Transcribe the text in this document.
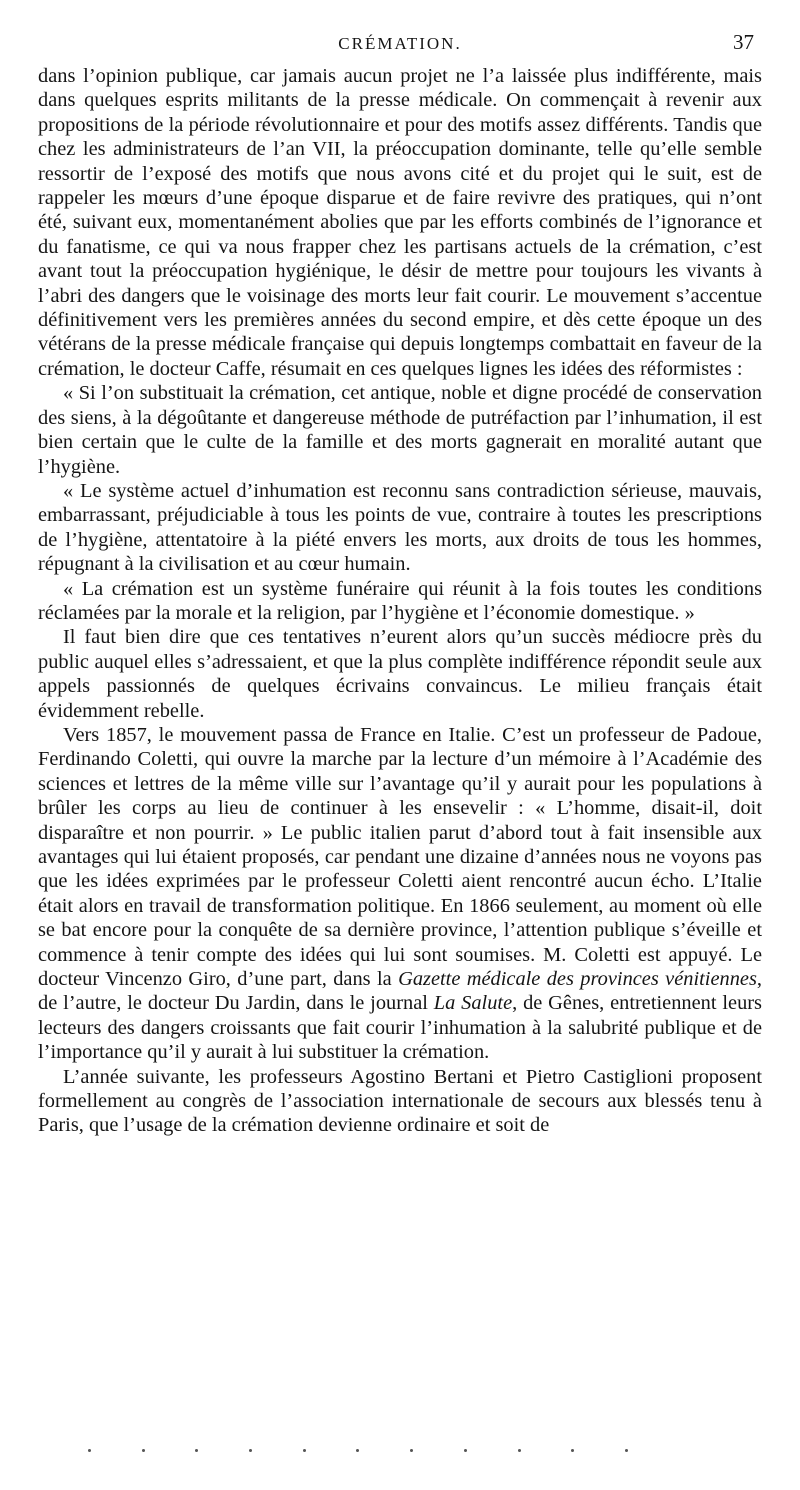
CRÉMATION.	37

dans l’opinion publique, car jamais aucun projet ne l’a laissée plus indifférente, mais dans quelques esprits militants de la presse médicale. On commençait à revenir aux propositions de la période révolutionnaire et pour des motifs assez différents. Tandis que chez les administrateurs de l’an VII, la préoccupation dominante, telle qu’elle semble ressortir de l’exposé des motifs que nous avons cité et du projet qui le suit, est de rappeler les mœurs d’une époque disparue et de faire revivre des pratiques, qui n’ont été, suivant eux, momentanément abolies que par les efforts combinés de l’ignorance et du fanatisme, ce qui va nous frapper chez les partisans actuels de la crémation, c’est avant tout la préoccupation hygiénique, le désir de mettre pour toujours les vivants à l’abri des dangers que le voisinage des morts leur fait courir. Le mouvement s’accentue définitivement vers les premières années du second empire, et dès cette époque un des vétérans de la presse médicale française qui depuis longtemps combattait en faveur de la crémation, le docteur Caffe, résumait en ces quelques lignes les idées des réformistes :

« Si l’on substituait la crémation, cet antique, noble et digne procédé de conservation des siens, à la dégoûtante et dangereuse méthode de putréfaction par l’inhumation, il est bien certain que le culte de la famille et des morts gagnerait en moralité autant que l’hygiène.

« Le système actuel d’inhumation est reconnu sans contradiction sérieuse, mauvais, embarrassant, préjudiciable à tous les points de vue, contraire à toutes les prescriptions de l’hygiène, attentatoire à la piété envers les morts, aux droits de tous les hommes, répugnant à la civilisation et au cœur humain.

« La crémation est un système funéraire qui réunit à la fois toutes les conditions réclamées par la morale et la religion, par l’hygiène et l’économie domestique. »

Il faut bien dire que ces tentatives n’eurent alors qu’un succès médiocre près du public auquel elles s’adressaient, et que la plus complète indifférence répondit seule aux appels passionnés de quelques écrivains convaincus. Le milieu français était évidemment rebelle.

Vers 1857, le mouvement passa de France en Italie. C’est un professeur de Padoue, Ferdinando Coletti, qui ouvre la marche par la lecture d’un mémoire à l’Académie des sciences et lettres de la même ville sur l’avantage qu’il y aurait pour les populations à brûler les corps au lieu de continuer à les ensevelir : « L’homme, disait-il, doit disparaître et non pourrir. » Le public italien parut d’abord tout à fait insensible aux avantages qui lui étaient proposés, car pendant une dizaine d’années nous ne voyons pas que les idées exprimées par le professeur Coletti aient rencontré aucun écho. L’Italie était alors en travail de transformation politique. En 1866 seulement, au moment où elle se bat encore pour la conquête de sa dernière province, l’attention publique s’éveille et commence à tenir compte des idées qui lui sont soumises. M. Coletti est appuyé. Le docteur Vincenzo Giro, d’une part, dans la Gazette médicale des provinces vénitiennes, de l’autre, le docteur Du Jardin, dans le journal La Salute, de Gênes, entretiennent leurs lecteurs des dangers croissants que fait courir l’inhumation à la salubrité publique et de l’importance qu’il y aurait à lui substituer la crémation.

L’année suivante, les professeurs Agostino Bertani et Pietro Castiglioni proposent formellement au congrès de l’association internationale de secours aux blessés tenu à Paris, que l’usage de la crémation devienne ordinaire et soit de
